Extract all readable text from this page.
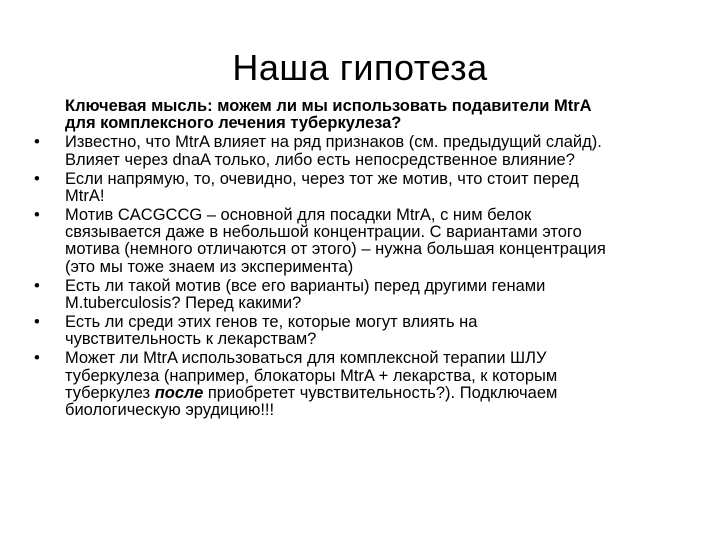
Наша гипотеза
Ключевая мысль: можем ли мы использовать подавители MtrA
для комплексного лечения туберкулеза?
•	Известно, что MtrA влияет на ряд признаков (см. предыдущий слайд).
Влияет через dnaA только, либо есть непосредственное влияние?
•	Если напрямую, то, очевидно, через тот же мотив, что стоит перед
MtrA!
•	Мотив CACGCCG – основной для посадки MtrA, с ним белок
связывается даже в небольшой концентрации. С вариантами этого
мотива (немного отличаются от этого) – нужна большая концентрация
(это мы тоже знаем из эксперимента)
•	Есть ли такой мотив (все его варианты) перед другими генами
M.tuberculosis? Перед какими?
•	Есть ли среди этих генов те, которые могут влиять на
чувствительность к лекарствам?
•	Может ли MtrA использоваться для комплексной терапии ШЛУ
туберкулеза (например, блокаторы MtrA + лекарства, к которым
туберкулез после приобретет чувствительность?). Подключаем
биологическую эрудицию!!!
